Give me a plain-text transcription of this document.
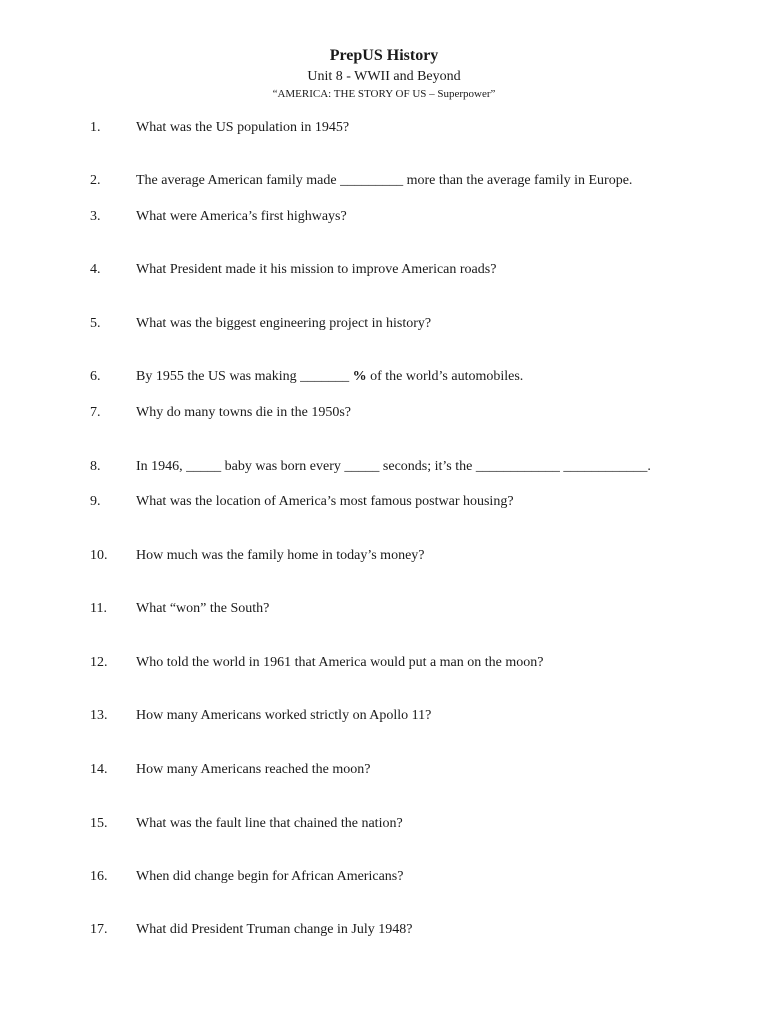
PrepUS History
Unit 8 - WWII and Beyond
“AMERICA: THE STORY OF US – Superpower”
1.	What was the US population in 1945?
2.	The average American family made _________ more than the average family in Europe.
3.	What were America’s first highways?
4.	What President made it his mission to improve American roads?
5.	What was the biggest engineering project in history?
6.	By 1955 the US was making _______ % of the world’s automobiles.
7.	Why do many towns die in the 1950s?
8.	In 1946, _____ baby was born every _____ seconds; it’s the ____________ ____________.
9.	What was the location of America’s most famous postwar housing?
10. How much was the family home in today’s money?
11. What “won” the South?
12. Who told the world in 1961 that America would put a man on the moon?
13. How many Americans worked strictly on Apollo 11?
14. How many Americans reached the moon?
15. What was the fault line that chained the nation?
16. When did change begin for African Americans?
17. What did President Truman change in July 1948?
